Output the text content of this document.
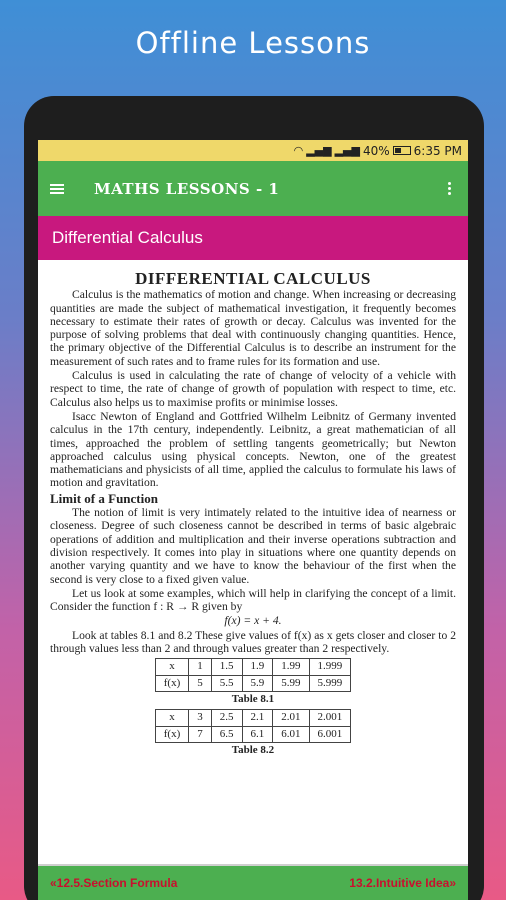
Offline Lessons
◠ ▂▄▆ ▂▄▆ 40% 6:35 PM
MATHS LESSONS - 1
Differential Calculus
DIFFERENTIAL CALCULUS

Calculus is the mathematics of motion and change. When increasing or decreasing quantities are made the subject of mathematical investigation, it frequently becomes necessary to estimate their rates of growth or decay. Calculus was invented for the purpose of solving problems that deal with continuously changing quantities. Hence, the primary objective of the Differential Calculus is to describe an instrument for the measurement of such rates and to frame rules for its formation and use.

Calculus is used in calculating the rate of change of velocity of a vehicle with respect to time, the rate of change of growth of population with respect to time, etc. Calculus also helps us to maximise profits or minimise losses.

Isacc Newton of England and Gottfried Wilhelm Leibnitz of Germany invented calculus in the 17th century, independently. Leibnitz, a great mathematician of all times, approached the problem of settling tangents geometrically; but Newton approached calculus using physical concepts. Newton, one of the greatest mathematicians and physicists of all time, applied the calculus to formulate his laws of motion and gravitation.

Limit of a Function

The notion of limit is very intimately related to the intuitive idea of nearness or closeness. Degree of such closeness cannot be described in terms of basic algebraic operations of addition and multiplication and their inverse operations subtraction and division respectively. It comes into play in situations where one quantity depends on another varying quantity and we have to know the behaviour of the first when the second is very close to a fixed given value.

Let us look at some examples, which will help in clarifying the concept of a limit. Consider the function f : R → R given by

f(x) = x + 4.

Look at tables 8.1 and 8.2 These give values of f(x) as x gets closer and closer to 2 through values less than 2 and through values greater than 2 respectively.

x	1	1.5	1.9	1.99	1.999
f(x)	5	5.5	5.9	5.99	5.999
Table 8.1
x	3	2.5	2.1	2.01	2.001
f(x)	7	6.5	6.1	6.01	6.001
Table 8.2
«12.5.Section Formula	13.2.Intuitive Idea»
